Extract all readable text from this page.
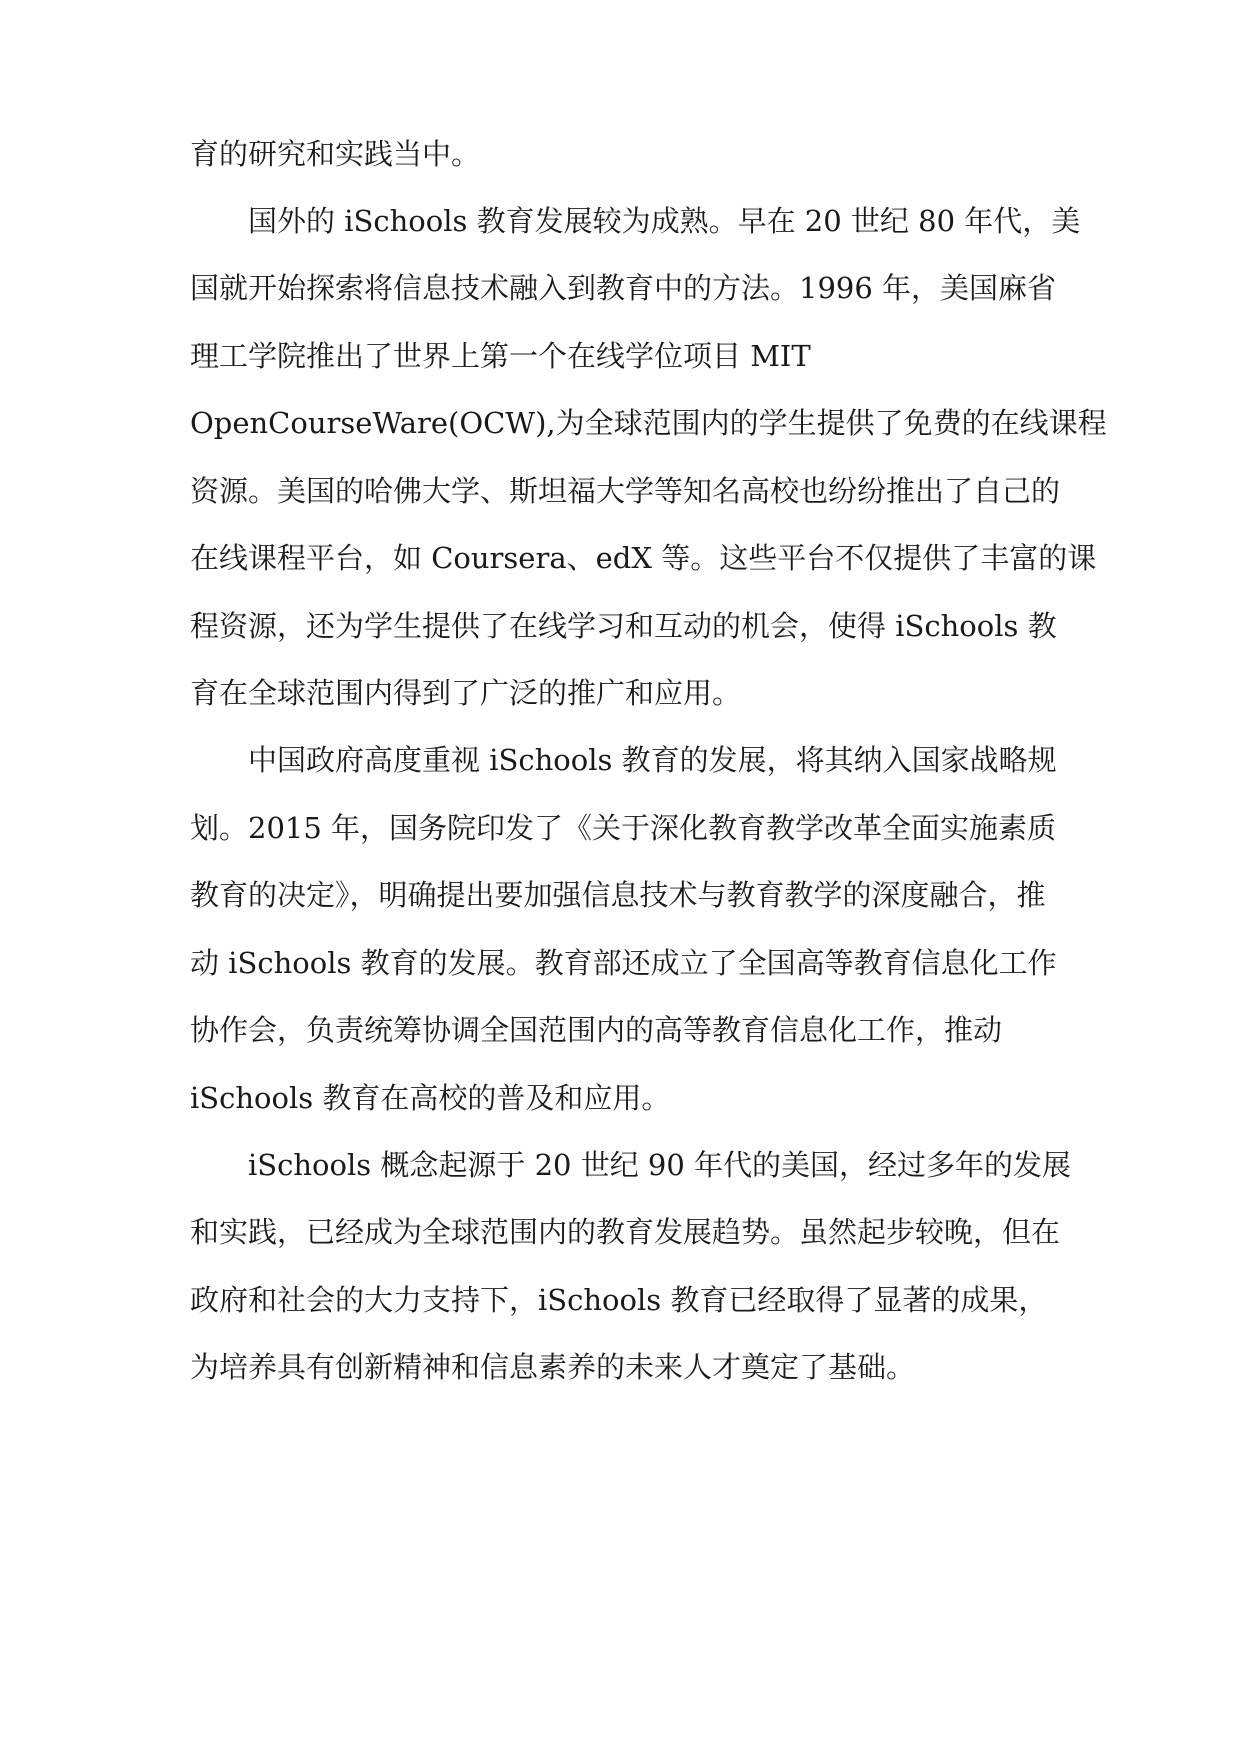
育的研究和实践当中。
国外的 iSchools 教育发展较为成熟。早在 20 世纪 80 年代，美
国就开始探索将信息技术融入到教育中的方法。1996 年，美国麻省
理工学院推出了世界上第一个在线学位项目 MIT
OpenCourseWare(OCW),为全球范围内的学生提供了免费的在线课程
资源。美国的哈佛大学、斯坦福大学等知名高校也纷纷推出了自己的
在线课程平台，如 Coursera、edX 等。这些平台不仅提供了丰富的课
程资源，还为学生提供了在线学习和互动的机会，使得 iSchools 教
育在全球范围内得到了广泛的推广和应用。
中国政府高度重视 iSchools 教育的发展，将其纳入国家战略规
划。2015 年，国务院印发了《关于深化教育教学改革全面实施素质
教育的决定》，明确提出要加强信息技术与教育教学的深度融合，推
动 iSchools 教育的发展。教育部还成立了全国高等教育信息化工作
协作会，负责统筹协调全国范围内的高等教育信息化工作，推动
iSchools 教育在高校的普及和应用。
iSchools 概念起源于 20 世纪 90 年代的美国，经过多年的发展
和实践，已经成为全球范围内的教育发展趋势。虽然起步较晚，但在
政府和社会的大力支持下，iSchools 教育已经取得了显著的成果，
为培养具有创新精神和信息素养的未来人才奠定了基础。
